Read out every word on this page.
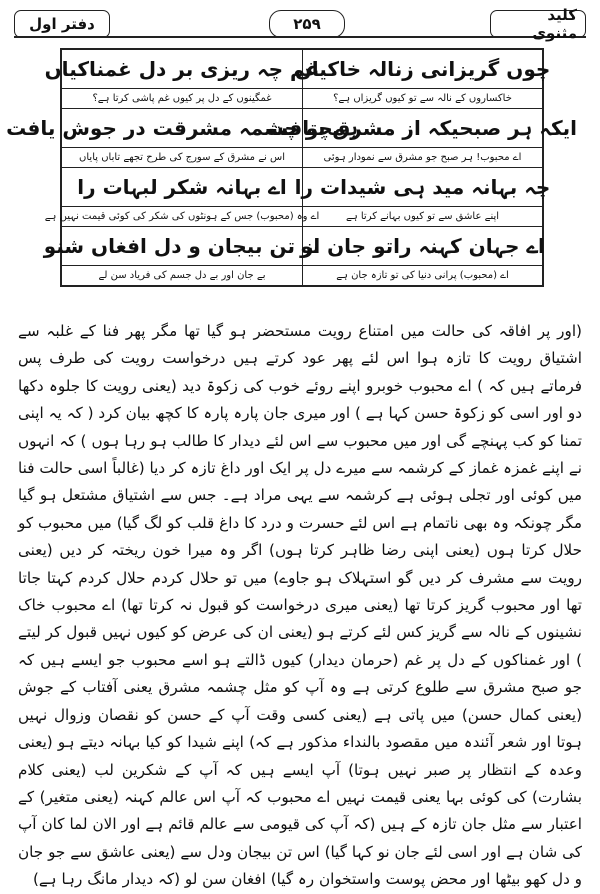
کلید مثنوی
۲۵۹
دفتر اول
چوں گریزانی زنالہ خاکیاں
خاکساروں کے نالہ سے تو کیوں گریزاں ہے؟
غم چہ ریزی بر دل غمناکیاں
غمگینوں کے دل پر کیوں غم پاشی کرتا ہے؟
ایکہ ہر صبحیکہ از مشرق بتافت
اے محبوب! ہر صبح جو مشرق سے نمودار ہوئی
ہمچو چشمہ مشرقت در جوش یافت
اس نے مشرق کے سورج کی طرح تجھے تاباں پایاں
چہ بہانہ مید ہی شیدات را
اپنے عاشق سے تو کیوں بہانے کرتا ہے
اے بہانہ شکر لبہات را
اے وہ (محبوب) جس کے ہونٹوں کی شکر کی کوئی قیمت نہیں ہے
اے جہان کہنہ راتو جان نو
اے (محبوب) پرانی دنیا کی تو تازہ جان ہے
از تن بیجان و دل افغاں شنو
بے جان اور بے دل جسم کی فریاد سن لے

(اور پر افاقہ کی حالت میں امتناع رویت مستحضر ہو گیا تھا مگر پھر فنا کے غلبہ سے اشتیاق رویت کا تازہ ہوا اس لئے پھر عود کرتے ہیں درخواست رویت کی طرف پس فرماتے ہیں کہ ) اے محبوب خوبرو اپنے روئے خوب کی زکوۃ دید (یعنی رویت کا جلوہ دکھا دو اور اسی کو زکوۃ حسن کہا ہے ) اور میری جان پارہ پارہ کا کچھ بیان کرد ( کہ یہ اپنی تمنا کو کب پہنچے گی اور میں محبوب سے اس لئے دیدار کا طالب ہو رہا ہوں ) کہ انہوں نے اپنے غمزہ غماز کے کرشمہ سے میرے دل پر ایک اور داغ تازہ کر دیا (غالباً اسی حالت فنا میں کوئی اور تجلی ہوئی ہے کرشمہ سے یہی مراد ہے۔ جس سے اشتیاق مشتعل ہو گیا مگر چونکہ وہ بھی ناتمام ہے اس لئے حسرت و درد کا داغ قلب کو لگ گیا) میں محبوب کو حلال کرتا ہوں (یعنی اپنی رضا ظاہر کرتا ہوں) اگر وہ میرا خون ریختہ کر دیں (یعنی رویت سے مشرف کر دیں گو استہلاک ہو جاوے) میں تو حلال کردم حلال کردم کہتا جاتا تھا اور محبوب گریز کرتا تھا (یعنی میری درخواست کو قبول نہ کرتا تھا) اے محبوب خاک نشینوں کے نالہ سے گریز کس لئے کرتے ہو (یعنی ان کی عرض کو کیوں نہیں قبول کر لیتے ) اور غمناکوں کے دل پر غم (حرمان دیدار) کیوں ڈالتے ہو اسے محبوب جو ایسے ہیں کہ جو صبح مشرق سے طلوع کرتی ہے وہ آپ کو مثل چشمہ مشرق یعنی آفتاب کے جوش (یعنی کمال حسن) میں پاتی ہے (یعنی کسی وقت آپ کے حسن کو نقصان وزوال نہیں ہوتا اور شعر آئندہ میں مقصود بالنداء مذکور ہے کہ) اپنے شیدا کو کیا بہانہ دیتے ہو (یعنی وعدہ کے انتظار پر صبر نہیں ہوتا) آپ ایسے ہیں کہ آپ کے شکرین لب (یعنی کلام بشارت) کی کوئی بہا یعنی قیمت نہیں اے محبوب کہ آپ اس عالم کہنہ (یعنی متغیر) کے اعتبار سے مثل جان تازہ کے ہیں (کہ آپ کی قیومی سے عالم قائم ہے اور الان لما کان آپ کی شان ہے اور اسی لئے جان نو کہا گیا) اس تن بیجان ودل سے (یعنی عاشق سے جو جان و دل کھو بیٹھا اور محض پوست واستخوان رہ گیا) افغان سن لو (کہ دیدار مانگ رہا ہے)
